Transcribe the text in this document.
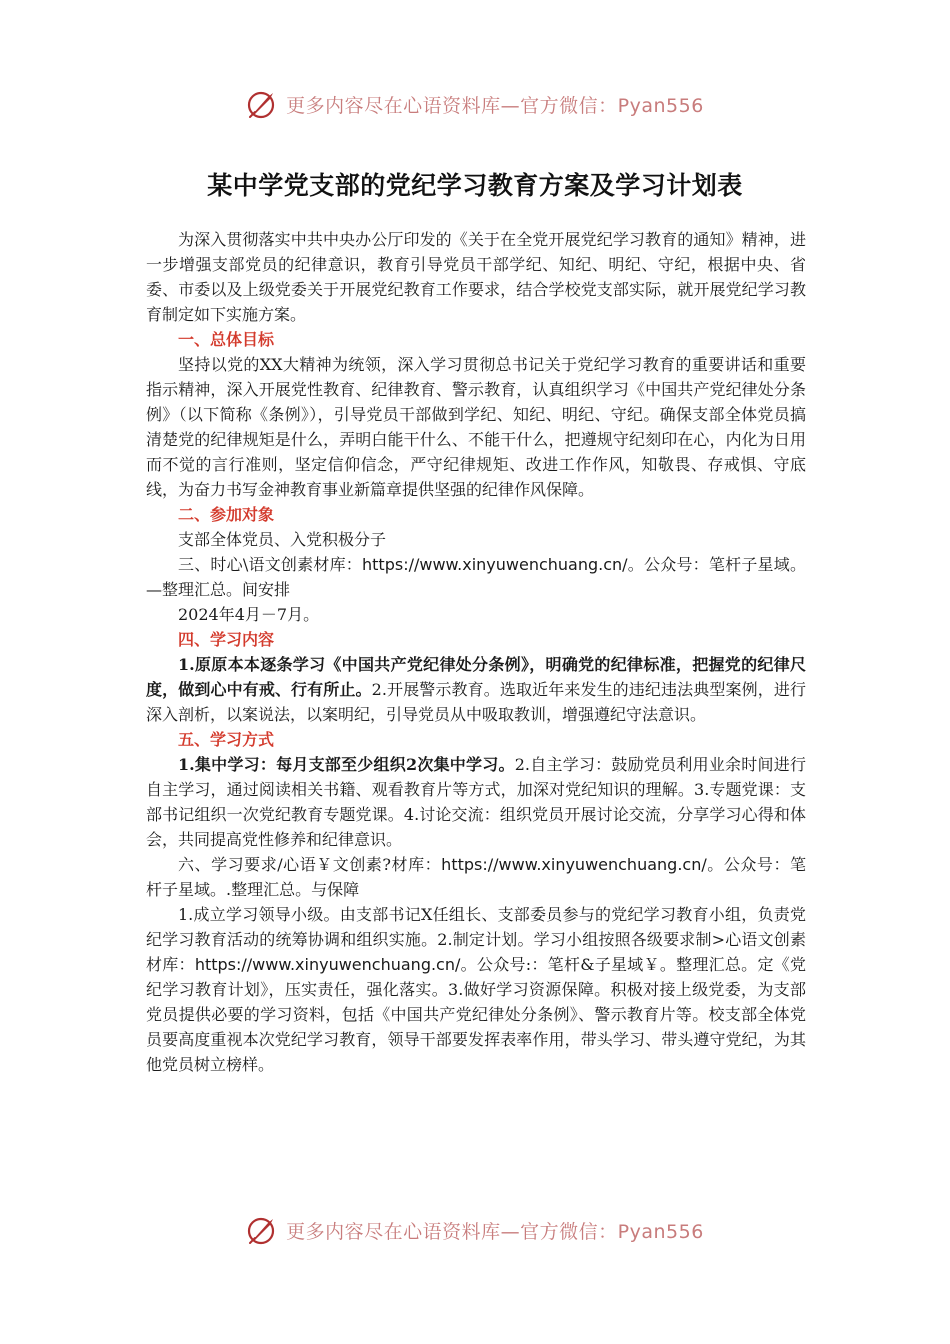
更多内容尽在心语资料库—官方微信：Pyan556
某中学党支部的党纪学习教育方案及学习计划表

为深入贯彻落实中共中央办公厅印发的《关于在全党开展党纪学习教育的通知》精神，进一步增强支部党员的纪律意识，教育引导党员干部学纪、知纪、明纪、守纪，根据中央、省委、市委以及上级党委关于开展党纪教育工作要求，结合学校党支部实际，就开展党纪学习教育制定如下实施方案。

一、总体目标

坚持以党的XX大精神为统领，深入学习贯彻总书记关于党纪学习教育的重要讲话和重要指示精神，深入开展党性教育、纪律教育、警示教育，认真组织学习《中国共产党纪律处分条例》（以下简称《条例》），引导党员干部做到学纪、知纪、明纪、守纪。确保支部全体党员搞清楚党的纪律规矩是什么，弄明白能干什么、不能干什么，把遵规守纪刻印在心，内化为日用而不觉的言行准则，坚定信仰信念，严守纪律规矩、改进工作作风，知敬畏、存戒惧、守底线，为奋力书写金神教育事业新篇章提供坚强的纪律作风保障。

二、参加对象

支部全体党员、入党积极分子

三、时心\语文创素材库：https://www.xinyuwenchuang.cn/。公众号：笔杆子星域。—整理汇总。间安排

2024年4月－7月。

四、学习内容

1.原原本本逐条学习《中国共产党纪律处分条例》，明确党的纪律标准，把握党的纪律尺度，做到心中有戒、行有所止。2.开展警示教育。选取近年来发生的违纪违法典型案例，进行深入剖析，以案说法，以案明纪，引导党员从中吸取教训，增强遵纪守法意识。

五、学习方式

1.集中学习：每月支部至少组织2次集中学习。2.自主学习：鼓励党员利用业余时间进行自主学习，通过阅读相关书籍、观看教育片等方式，加深对党纪知识的理解。3.专题党课：支部书记组织一次党纪教育专题党课。4.讨论交流：组织党员开展讨论交流，分享学习心得和体会，共同提高党性修养和纪律意识。

六、学习要求/心语￥文创素?材库：https://www.xinyuwenchuang.cn/。公众号：笔杆子星域。.整理汇总。与保障

1.成立学习领导小级。由支部书记X任组长、支部委员参与的党纪学习教育小组，负责党纪学习教育活动的统筹协调和组织实施。2.制定计划。学习小组按照各级要求制>心语文创素材库：https://www.xinyuwenchuang.cn/。公众号:：笔杆&子星域￥。整理汇总。定《党纪学习教育计划》，压实责任，强化落实。3.做好学习资源保障。积极对接上级党委，为支部党员提供必要的学习资料，包括《中国共产党纪律处分条例》、警示教育片等。校支部全体党员要高度重视本次党纪学习教育，领导干部要发挥表率作用，带头学习、带头遵守党纪，为其他党员树立榜样。

更多内容尽在心语资料库—官方微信：Pyan556
